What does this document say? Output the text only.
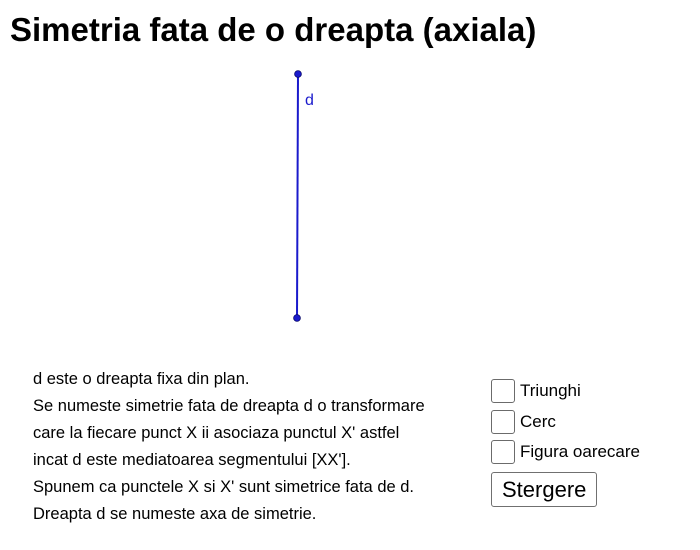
Simetria fata de o dreapta (axiala)
d
d este o dreapta fixa din plan.
Se numeste simetrie fata de dreapta d o transformare
care la fiecare punct X ii asociaza punctul X' astfel
incat d este mediatoarea segmentului [XX'].
Spunem ca punctele X si X' sunt simetrice fata de d.
Dreapta d se numeste axa de simetrie.
Triunghi
Cerc
Figura oarecare
Stergere
